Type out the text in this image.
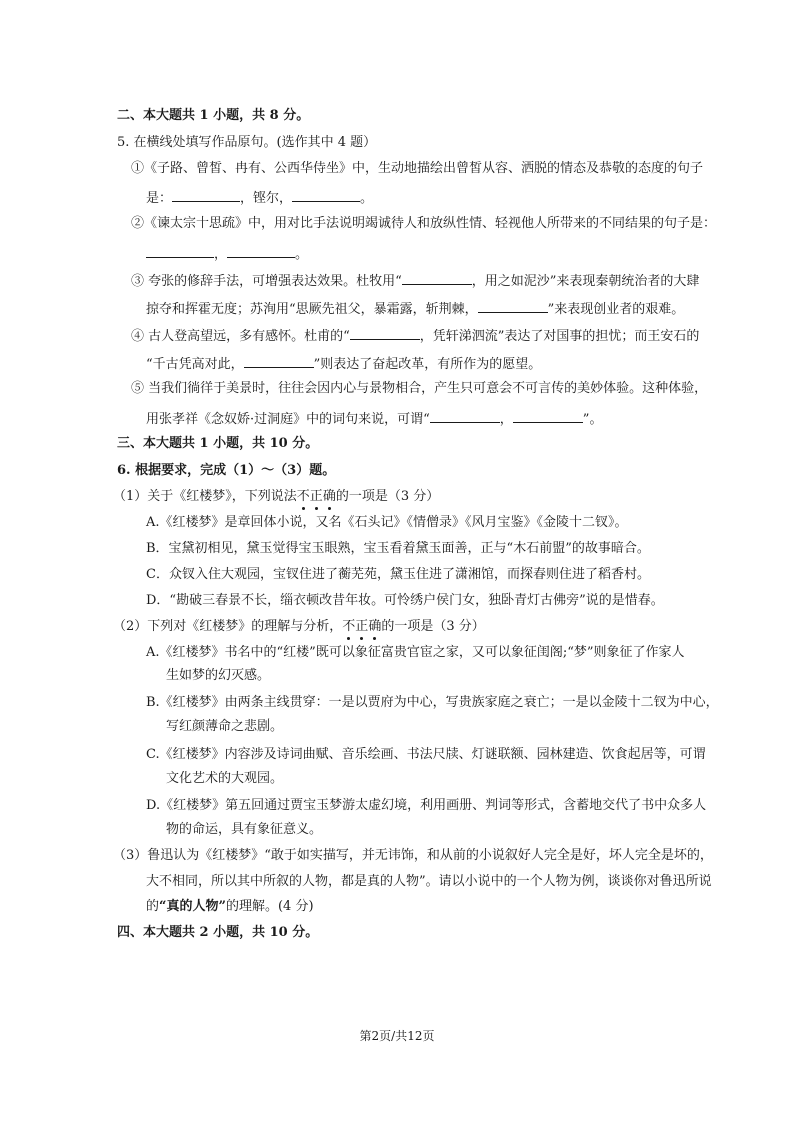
二、本大题共 1 小题，共 8 分。
5. 在横线处填写作品原句。(选作其中 4 题）
①《子路、曾皙、冉有、公西华侍坐》中，生动地描绘出曾皙从容、洒脱的情态及恭敬的态度的句子
是：	，铿尔，	。
②《谏太宗十思疏》中，用对比手法说明竭诚待人和放纵性情、轻视他人所带来的不同结果的句子是：
，	。
③ 夸张的修辞手法，可增强表达效果。杜牧用“	，用之如泥沙”来表现秦朝统治者的大肆
掠夺和挥霍无度；苏洵用“思厥先祖父，暴霜露，斩荆棘，	”来表现创业者的艰难。
④ 古人登高望远，多有感怀。杜甫的“	，凭轩涕泗流”表达了对国事的担忧；而王安石的
“千古凭高对此，	”则表达了奋起改革，有所作为的愿望。
⑤ 当我们徜徉于美景时，往往会因内心与景物相合，产生只可意会不可言传的美妙体验。这种体验，
用张孝祥《念奴娇·过洞庭》中的词句来说，可谓“	，	”。
三、本大题共 1 小题，共 10 分。
6. 根据要求，完成（1）～（3）题。
（1）关于《红楼梦》，下列说法不正确的一项是（3 分）
A.《红楼梦》是章回体小说，又名《石头记》《情僧录》《风月宝鉴》《金陵十二钗》。
B．宝黛初相见，黛玉觉得宝玉眼熟，宝玉看着黛玉面善，正与“木石前盟”的故事暗合。
C．众钗入住大观园，宝钗住进了蘅芜苑，黛玉住进了潇湘馆，而探春则住进了稻香村。
D．“勘破三春景不长，缁衣顿改昔年妆。可怜绣户侯门女，独卧青灯古佛旁”说的是惜春。
（2）下列对《红楼梦》的理解与分析，不正确的一项是（3 分）
A.《红楼梦》书名中的“红楼”既可以象征富贵官宦之家，又可以象征闺阁;“梦”则象征了作家人
生如梦的幻灭感。
B.《红楼梦》由两条主线贯穿：一是以贾府为中心，写贵族家庭之衰亡；一是以金陵十二钗为中心，
写红颜薄命之悲剧。
C.《红楼梦》内容涉及诗词曲赋、音乐绘画、书法尺牍、灯谜联额、园林建造、饮食起居等，可谓
文化艺术的大观园。
D.《红楼梦》第五回通过贾宝玉梦游太虚幻境，利用画册、判词等形式，含蓄地交代了书中众多人
物的命运，具有象征意义。
（3）鲁迅认为《红楼梦》“敢于如实描写，并无讳饰，和从前的小说叙好人完全是好，坏人完全是坏的，
大不相同，所以其中所叙的人物，都是真的人物”。请以小说中的一个人物为例，谈谈你对鲁迅所说
的“真的人物”的理解。(4 分)
四、本大题共 2 小题，共 10 分。
第2页/共12页
